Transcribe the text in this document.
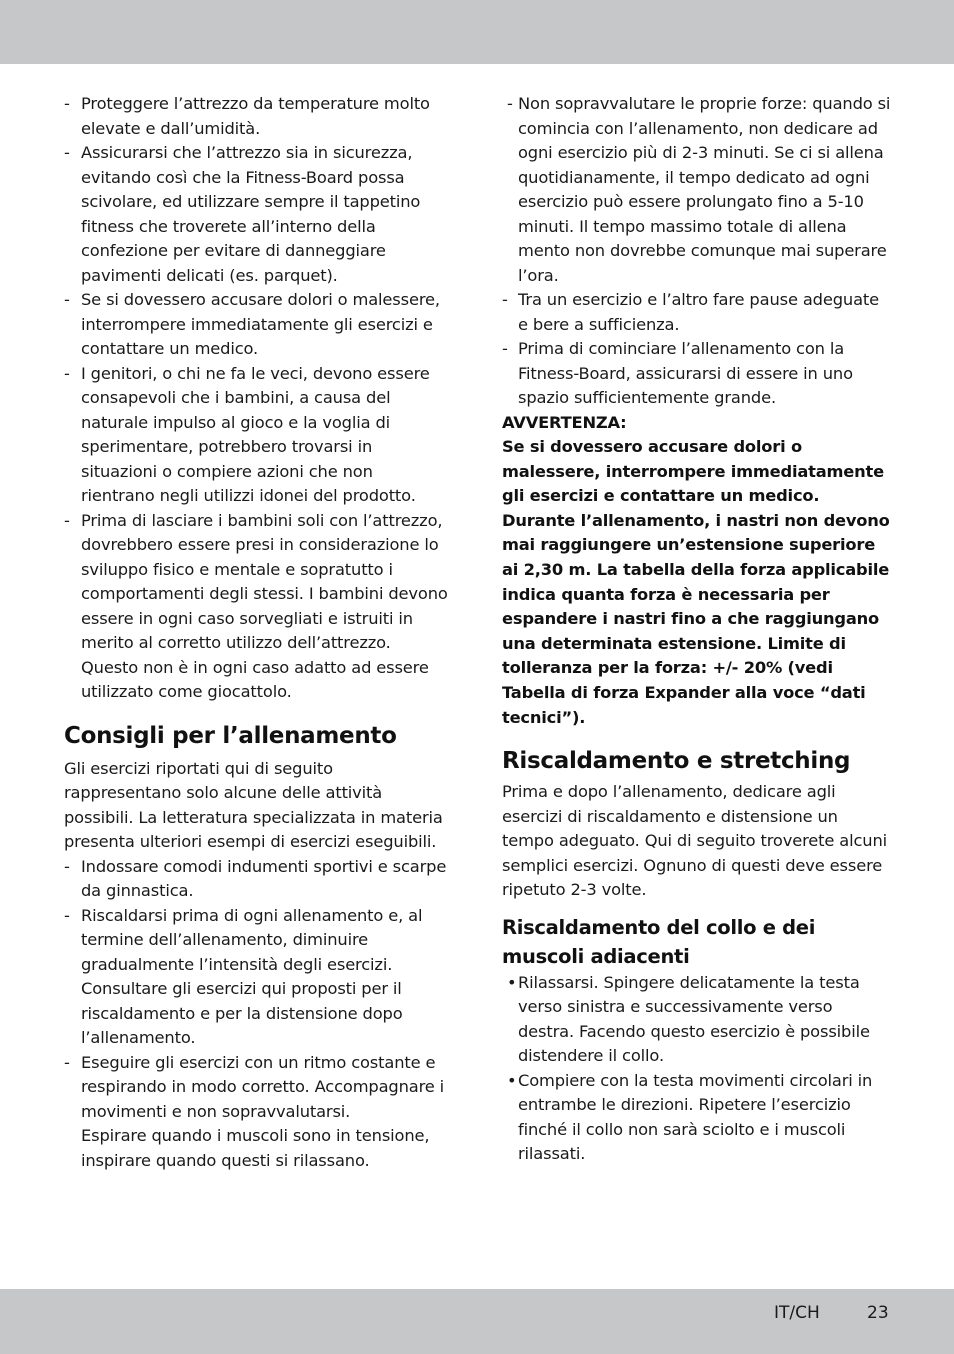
- Proteggere l’attrezzo da temperature molto elevate e dall’umidità.
- Assicurarsi che l’attrezzo sia in sicurezza, evitando così che la Fitness-Board possa scivolare, ed utilizzare sempre il tappetino fitness che troverete all’interno della confezione per evitare di danneggiare pavimenti delicati (es. parquet).
- Se si dovessero accusare dolori o malessere, interrompere immediatamente gli esercizi e contattare un medico.
- I genitori, o chi ne fa le veci, devono essere consapevoli che i bambini, a causa del naturale impulso al gioco e la voglia di sperimentare, potrebbero trovarsi in situazioni o compiere azioni che non rientrano negli utilizzi idonei del prodotto.
- Prima di lasciare i bambini soli con l’attrezzo, dovrebbero essere presi in considerazione lo sviluppo fisico e mentale e sopratutto i comportamenti degli stessi. I bambini devono essere in ogni caso sorvegliati e istruiti in merito al corretto utilizzo dell’attrezzo.
Questo non è in ogni caso adatto ad essere utilizzato come giocattolo.
Consigli per l’allenamento

Gli esercizi riportati qui di seguito rappresentano solo alcune delle attività possibili. La letteratura specializzata in materia presenta ulteriori esempi di esercizi eseguibili.

- Indossare comodi indumenti sportivi e scarpe da ginnastica.
- Riscaldarsi prima di ogni allenamento e, al termine dell’allenamento, diminuire gradualmente l’intensità degli esercizi. Consultare gli esercizi qui proposti per il riscaldamento e per la distensione dopo l’allenamento.
- Eseguire gli esercizi con un ritmo costante e respirando in modo corretto. Accompagnare i movimenti e non sopravvalutarsi.
Espirare quando i muscoli sono in tensione, inspirare quando questi si rilassano.
- Non sopravvalutare le proprie forze: quando si comincia con l’allenamento, non dedicare ad ogni esercizio più di 2-3 minuti. Se ci si allena quotidianamente, il tempo dedicato ad ogni esercizio può essere prolungato fino a 5-10 minuti. Il tempo massimo totale di allena mento non dovrebbe comunque mai superare l’ora.
- Tra un esercizio e l’altro fare pause adeguate e bere a sufficienza.
- Prima di cominciare l’allenamento con la Fitness-Board, assicurarsi di essere in uno spazio sufficientemente grande.
AVVERTENZA:
Se si dovessero accusare dolori o malessere, interrompere immediatamente gli esercizi e contattare un medico. Durante l’allenamento, i nastri non devono mai raggiungere un’estensione superiore ai 2,30 m. La tabella della forza applicabile indica quanta forza è necessaria per espandere i nastri fino a che raggiungano una determinata estensione. Limite di tolleranza per la forza: +/- 20% (vedi Tabella di forza Expander alla voce “dati tecnici”).
Riscaldamento e stretching

Prima e dopo l’allenamento, dedicare agli esercizi di riscaldamento e distensione un tempo adeguato. Qui di seguito troverete alcuni semplici esercizi. Ognuno di questi deve essere ripetuto 2-3 volte.

Riscaldamento del collo e dei muscoli adiacenti
• Rilassarsi. Spingere delicatamente la testa verso sinistra e successivamente verso destra. Facendo questo esercizio è possibile distendere il collo.
• Compiere con la testa movimenti circolari in entrambe le direzioni. Ripetere l’esercizio finché il collo non sarà sciolto e i muscoli rilassati.
IT/CH	23
